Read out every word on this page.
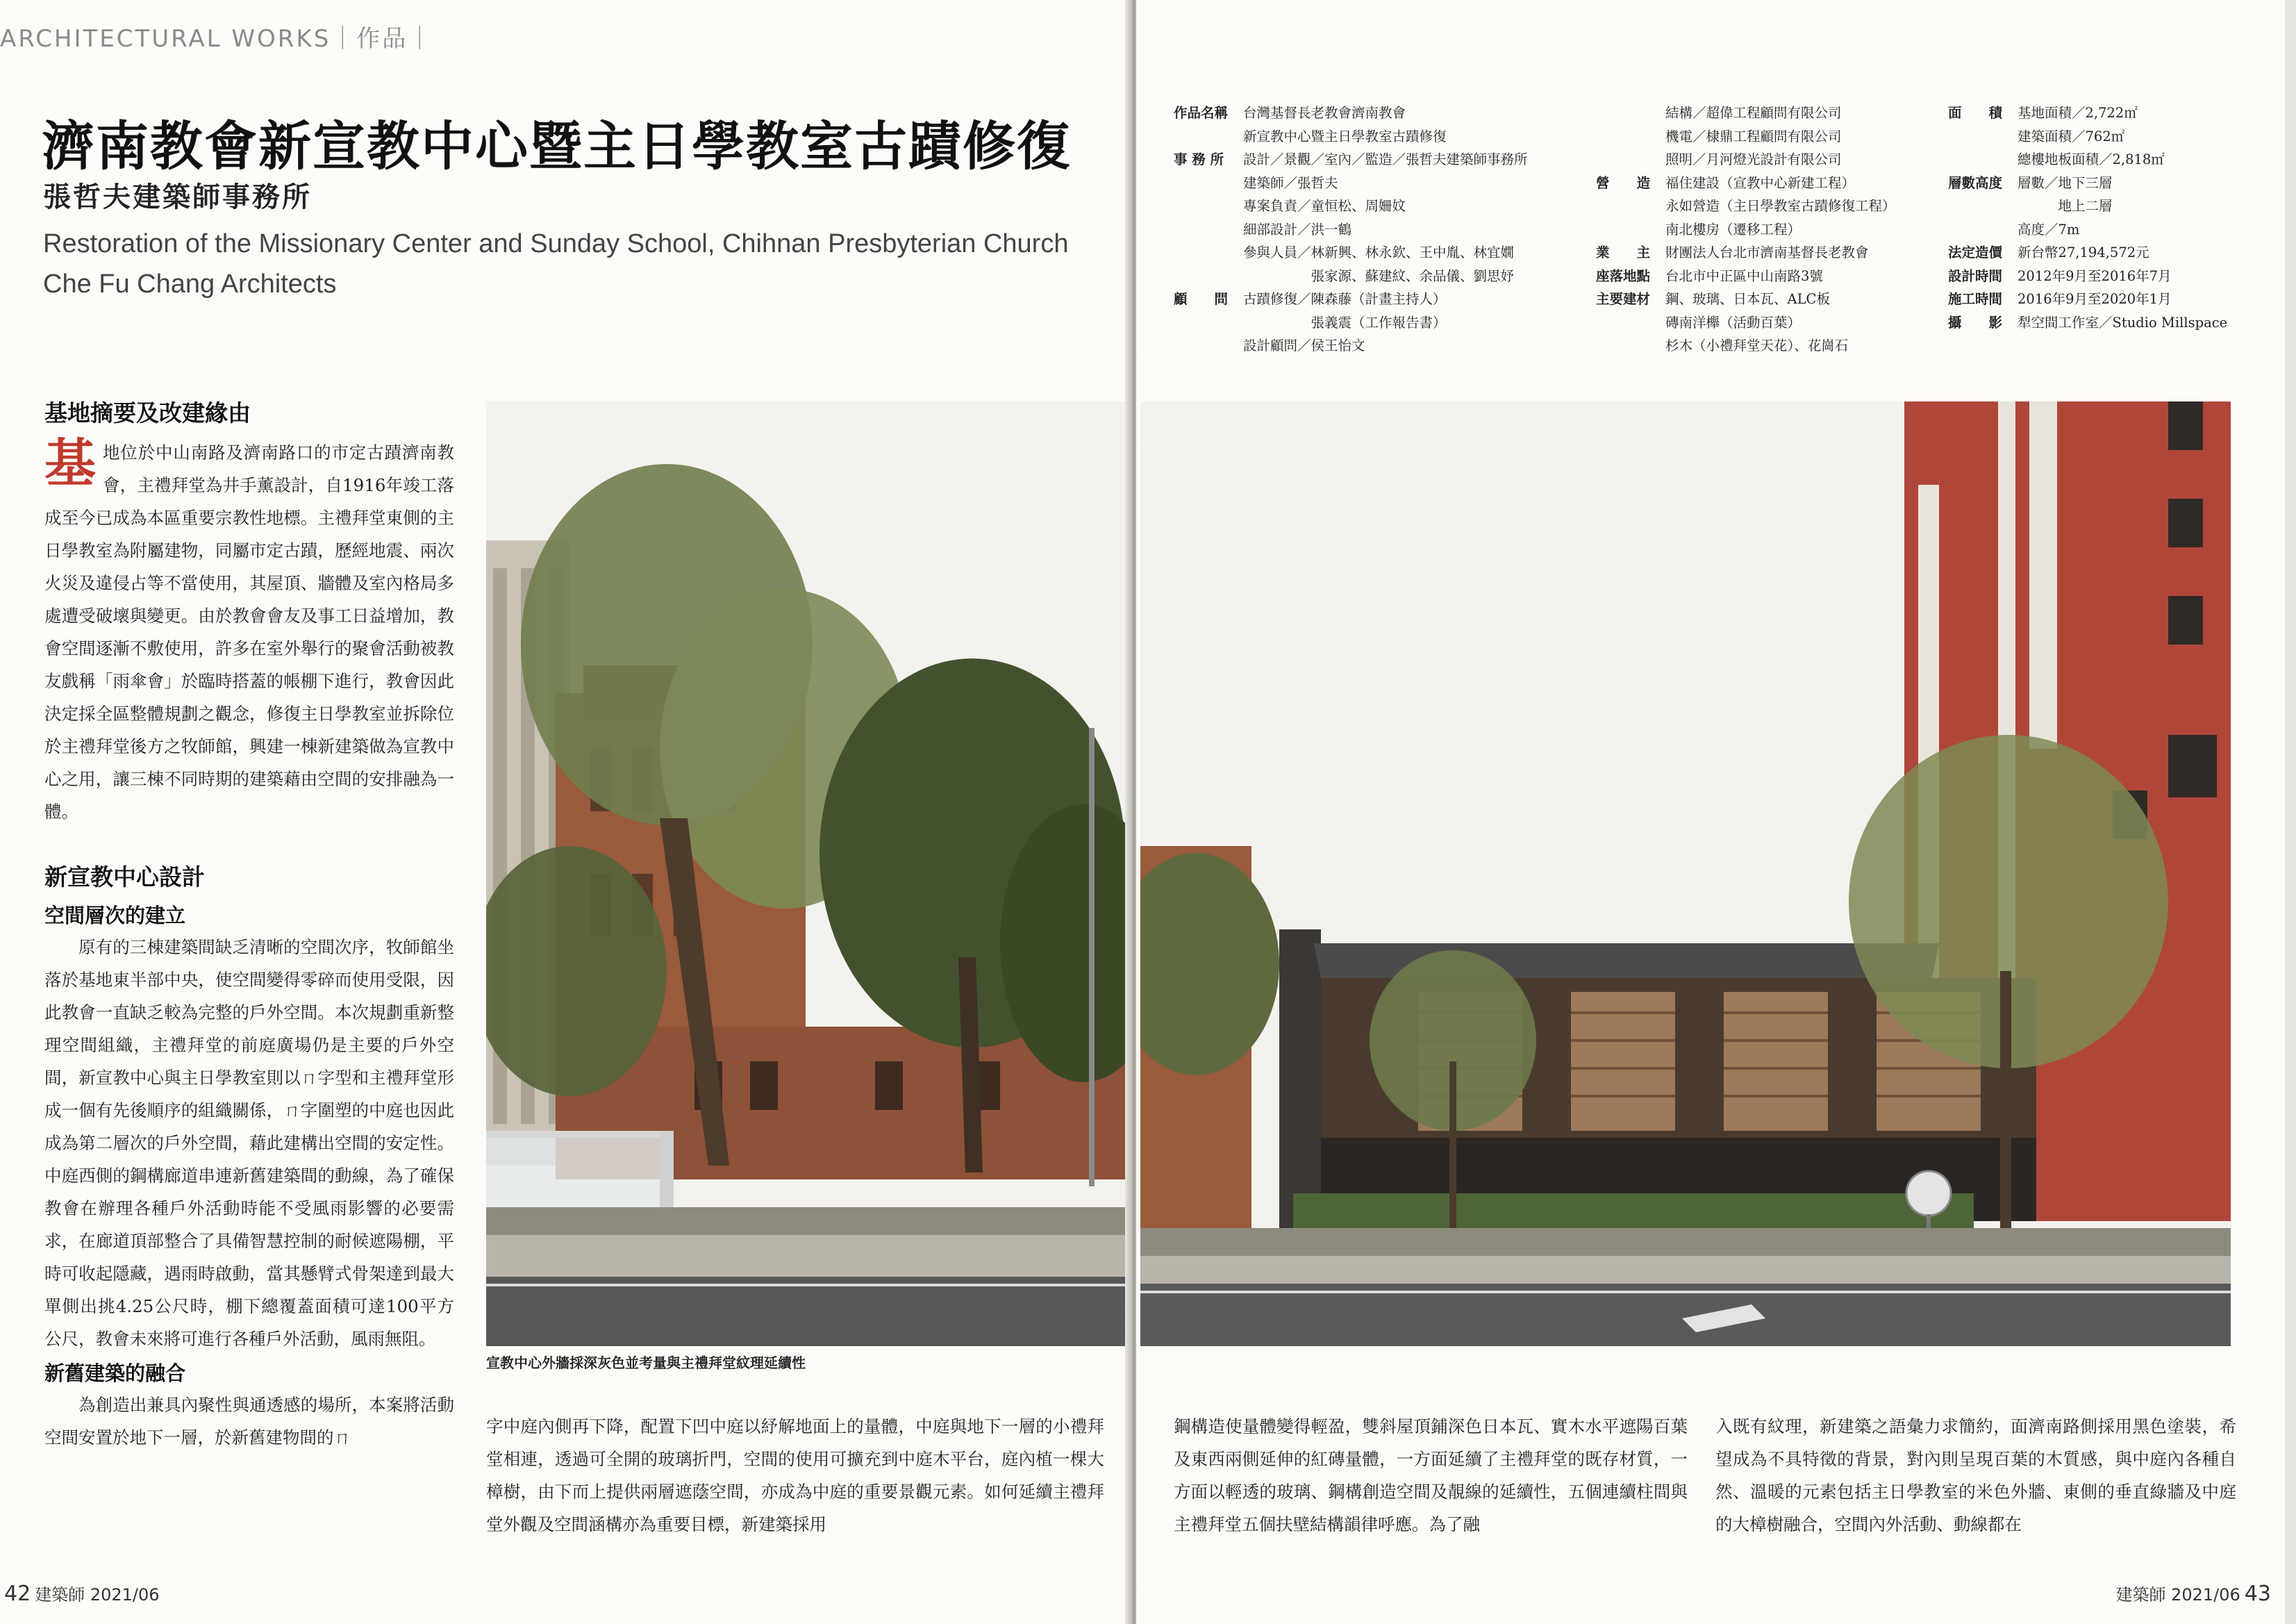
ARCHITECTURAL WORKS｜作品｜
濟南教會新宣教中心暨主日學教室古蹟修復
張哲夫建築師事務所
Restoration of the Missionary Center and Sunday School, Chihnan Presbyterian Church
Che Fu Chang Architects
基地摘要及改建緣由
基地位於中山南路及濟南路口的市定古蹟濟南教會，主禮拜堂為井手薰設計，自1916年竣工落成至今已成為本區重要宗教性地標。主禮拜堂東側的主日學教室為附屬建物，同屬市定古蹟，歷經地震、兩次火災及違侵占等不當使用，其屋頂、牆體及室內格局多處遭受破壞與變更。由於教會會友及事工日益增加，教會空間逐漸不敷使用，許多在室外舉行的聚會活動被教友戲稱「雨傘會」於臨時搭蓋的帳棚下進行，教會因此決定採全區整體規劃之觀念，修復主日學教室並拆除位於主禮拜堂後方之牧師館，興建一棟新建築做為宣教中心之用，讓三棟不同時期的建築藉由空間的安排融為一體。
新宣教中心設計
空間層次的建立
原有的三棟建築間缺乏清晰的空間次序，牧師館坐落於基地東半部中央，使空間變得零碎而使用受限，因此教會一直缺乏較為完整的戶外空間。本次規劃重新整理空間組織，主禮拜堂的前庭廣場仍是主要的戶外空間，新宣教中心與主日學教室則以ㄇ字型和主禮拜堂形成一個有先後順序的組織關係，ㄇ字圍塑的中庭也因此成為第二層次的戶外空間，藉此建構出空間的安定性。中庭西側的鋼構廊道串連新舊建築間的動線，為了確保教會在辦理各種戶外活動時能不受風雨影響的必要需求，在廊道頂部整合了具備智慧控制的耐候遮陽棚，平時可收起隱藏，遇雨時啟動，當其懸臂式骨架達到最大單側出挑4.25公尺時，棚下總覆蓋面積可達100平方公尺，教會未來將可進行各種戶外活動，風雨無阻。
新舊建築的融合
為創造出兼具內聚性與通透感的場所，本案將活動空間安置於地下一層，於新舊建物間的ㄇ
字中庭內側再下降，配置下凹中庭以紓解地面上的量體，中庭與地下一層的小禮拜堂相連，透過可全開的玻璃折門，空間的使用可擴充到中庭木平台，庭內植一棵大樟樹，由下而上提供兩層遮蔭空間，亦成為中庭的重要景觀元素。如何延續主禮拜堂外觀及空間涵構亦為重要目標，新建築採用
宣教中心外牆採深灰色並考量與主禮拜堂紋理延續性
42 建築師 2021/06	建築師 2021/06 43
作品名稱	台灣基督長老教會濟南教會
新宣教中心暨主日學教室古蹟修復
事 務 所	設計／景觀／室內／監造／張哲夫建築師事務所
建築師／張哲夫
專案負責／童恒松、周姍妏
細部設計／洪一鶴
參與人員／林新興、林永欽、王中胤、林宜嫺
　　　　　張家源、蘇建紋、余品儀、劉思妤
顧　　問	古蹟修復／陳森藤（計畫主持人）
　　　　　張義震（工作報告書）
設計顧問／侯王怡文
結構／超偉工程顧問有限公司
機電／棣鼎工程顧問有限公司
照明／月河燈光設計有限公司
營　　造	福住建設（宣教中心新建工程）
永如營造（主日學教室古蹟修復工程）
南北樓房（遷移工程）
業　　主	財團法人台北市濟南基督長老教會
座落地點	台北市中正區中山南路3號
主要建材	鋼、玻璃、日本瓦、ALC板
磚南洋櫸（活動百葉）
杉木（小禮拜堂天花）、花崗石
面　　積	基地面積／2,722㎡
建築面積／762㎡
總樓地板面積／2,818㎡
層數高度	層數／地下三層
　　　地上二層
高度／7m
法定造價	新台幣27,194,572元
設計時間	2012年9月至2016年7月
施工時間	2016年9月至2020年1月
攝　　影	犁空間工作室／Studio Millspace
鋼構造使量體變得輕盈，雙斜屋頂鋪深色日本瓦、實木水平遮陽百葉及東西兩側延伸的紅磚量體，一方面延續了主禮拜堂的既存材質，一方面以輕透的玻璃、鋼構創造空間及靚線的延續性，五個連續柱間與主禮拜堂五個扶壁結構韻律呼應。為了融
入既有紋理，新建築之語彙力求簡約，面濟南路側採用黑色塗裝，希望成為不具特徵的背景，對內則呈現百葉的木質感，與中庭內各種自然、溫暖的元素包括主日學教室的米色外牆、東側的垂直綠牆及中庭的大樟樹融合，空間內外活動、動線都在
